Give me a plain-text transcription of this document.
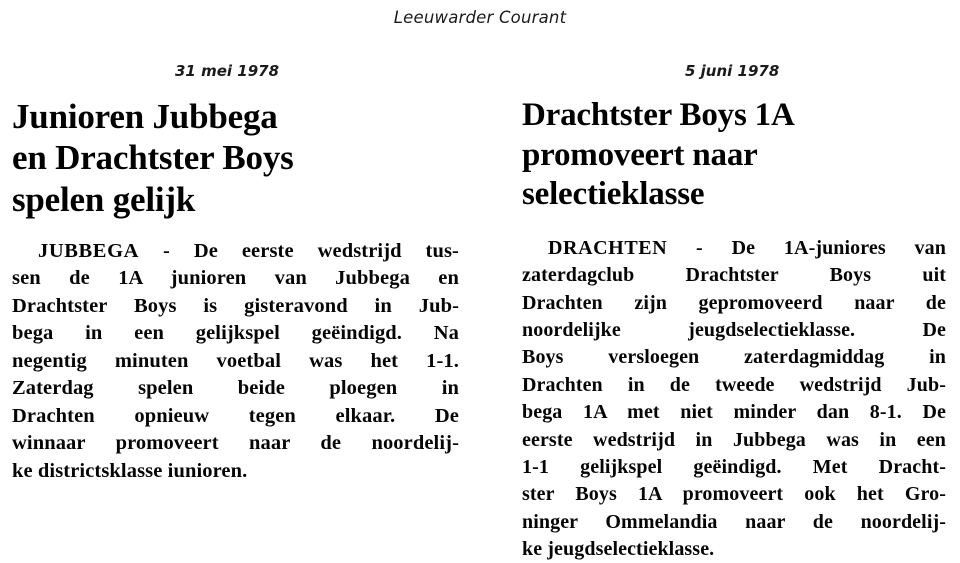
Leeuwarder Courant
31 mei 1978	5 juni 1978
Junioren Jubbega
en Drachtster Boys
spelen gelijk

JUBBEGA - De eerste wedstrijd tus-
sen de 1A junioren van Jubbega en
Drachtster Boys is gisteravond in Jub-
bega in een gelijkspel geëindigd. Na
negentig minuten voetbal was het 1-1.
Zaterdag spelen beide ploegen in
Drachten opnieuw tegen elkaar. De
winnaar promoveert naar de noordelij-
ke districtsklasse iunioren.

Drachtster Boys 1A
promoveert naar
selectieklasse

DRACHTEN - De 1A-juniores van
zaterdagclub Drachtster Boys uit
Drachten zijn gepromoveerd naar de
noordelijke jeugdselectieklasse. De
Boys versloegen zaterdagmiddag in
Drachten in de tweede wedstrijd Jub-
bega 1A met niet minder dan 8-1. De
eerste wedstrijd in Jubbega was in een
1-1 gelijkspel geëindigd. Met Dracht-
ster Boys 1A promoveert ook het Gro-
ninger Ommelandia naar de noordelij-
ke jeugdselectieklasse.
